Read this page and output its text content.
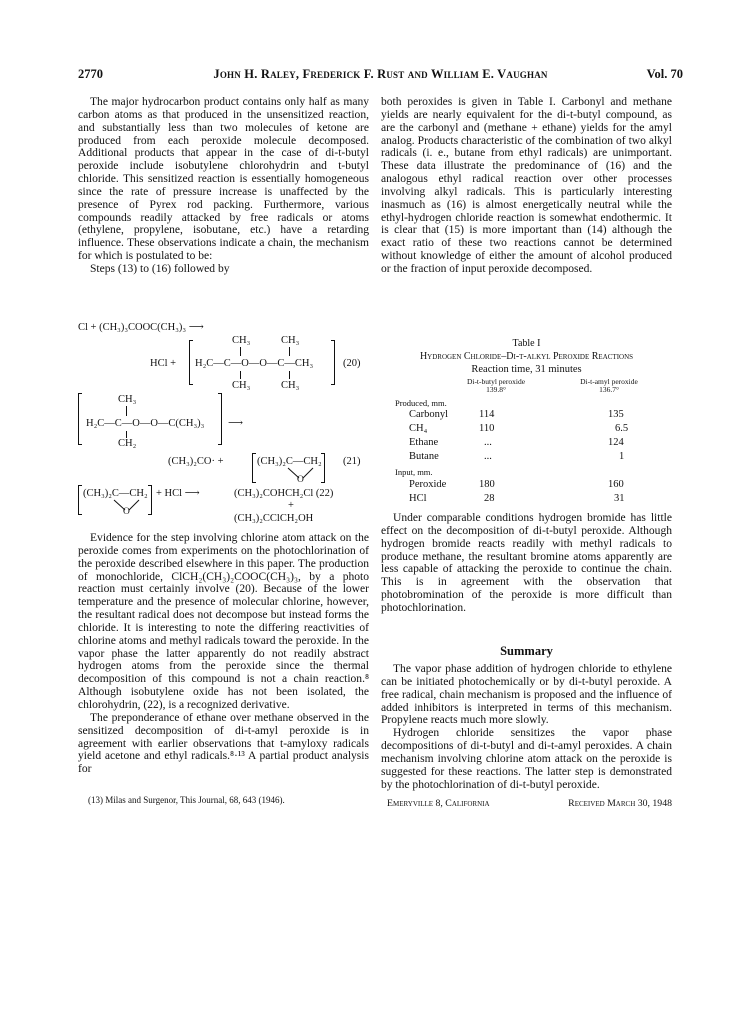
2770	John H. Raley, Frederick F. Rust and William E. Vaughan	Vol. 70

The major hydrocarbon product contains only half as many carbon atoms as that produced in the unsensitized reaction, and substantially less than two molecules of ketone are produced from each peroxide molecule decomposed. Additional products that appear in the case of di-t-butyl peroxide include isobutylene chlorohydrin and t-butyl chloride. This sensitized reaction is essentially homogeneous since the rate of pressure increase is unaffected by the presence of Pyrex rod packing. Furthermore, various compounds readily attacked by free radicals or atoms (ethylene, propylene, isobutane, etc.) have a retarding influence. These observations indicate a chain, the mechanism for which is postulated to be:

Steps (13) to (16) followed by

Cl + (CH₃)₃COOC(CH₃)₃ ⟶
CH₃	CH₃
HCl + H₂C—C—O—O—C—CH₃	(20)
CH₃	CH₃
CH₃
H₂C—C—O—O—C(CH₃)₃
CH₂
⟶
(CH₃)₂CO· +	(CH₃)₂C—CH₂
O
(21)
(CH₃)₂C—CH₂
O
+ HCl ⟶	(CH₃)₂COHCH₂Cl (22)
+
(CH₃)₂CClCH₂OH

Evidence for the step involving chlorine atom attack on the peroxide comes from experiments on the photochlorination of the peroxide described elsewhere in this paper. The production of monochloride, ClCH₂(CH₃)₂COOC(CH₃)₃, by a photo reaction must certainly involve (20). Because of the lower temperature and the presence of molecular chlorine, however, the resultant radical does not decompose but instead forms the chloride. It is interesting to note the differing reactivities of chlorine atoms and methyl radicals toward the peroxide. In the vapor phase the latter apparently do not readily abstract hydrogen atoms from the peroxide since the thermal decomposition of this compound is not a chain reaction.⁸ Although isobutylene oxide has not been isolated, the chlorohydrin, (22), is a recognized derivative.

The preponderance of ethane over methane observed in the sensitized decomposition of di-t-amyl peroxide is in agreement with earlier observations that t-amyloxy radicals yield acetone and ethyl radicals.⁸·¹³ A partial product analysis for

(13) Milas and Surgenor, This Journal, 68, 643 (1946).

both peroxides is given in Table I. Carbonyl and methane yields are nearly equivalent for the di-t-butyl compound, as are the carbonyl and (methane + ethane) yields for the amyl analog. Products characteristic of the combination of two alkyl radicals (i. e., butane from ethyl radicals) are unimportant. These data illustrate the predominance of (16) and the analogous ethyl radical reaction over other processes involving alkyl radicals. This is particularly interesting inasmuch as (16) is almost energetically neutral while the ethyl-hydrogen chloride reaction is somewhat endothermic. It is clear that (15) is more important than (14) although the exact ratio of these two reactions cannot be determined without knowledge of either the amount of alcohol produced or the fraction of input peroxide decomposed.

Table I
Hydrogen Chloride–Di-t-alkyl Peroxide Reactions
Reaction time, 31 minutes
Di-t-butyl peroxide 139.8°
Di-t-amyl peroxide 136.7°
Produced, mm.
Carbonyl	114	135
CH₄	110	6.5
Ethane	...	124
Butane	...	1
Input, mm.
Peroxide	180	160
HCl	28	31

Under comparable conditions hydrogen bromide has little effect on the decomposition of di-t-butyl peroxide. Although hydrogen bromide reacts readily with methyl radicals to produce methane, the resultant bromine atoms apparently are less capable of attacking the peroxide to continue the chain. This is in agreement with the observation that photobromination of the peroxide is more difficult than photochlorination.

Summary

The vapor phase addition of hydrogen chloride to ethylene can be initiated photochemically or by di-t-butyl peroxide. A free radical, chain mechanism is proposed and the influence of added inhibitors is interpreted in terms of this mechanism. Propylene reacts much more slowly.

Hydrogen chloride sensitizes the vapor phase decompositions of di-t-butyl and di-t-amyl peroxides. A chain mechanism involving chlorine atom attack on the peroxide is suggested for these reactions. The latter step is demonstrated by the photochlorination of di-t-butyl peroxide.

Emeryville 8, California	Received March 30, 1948
